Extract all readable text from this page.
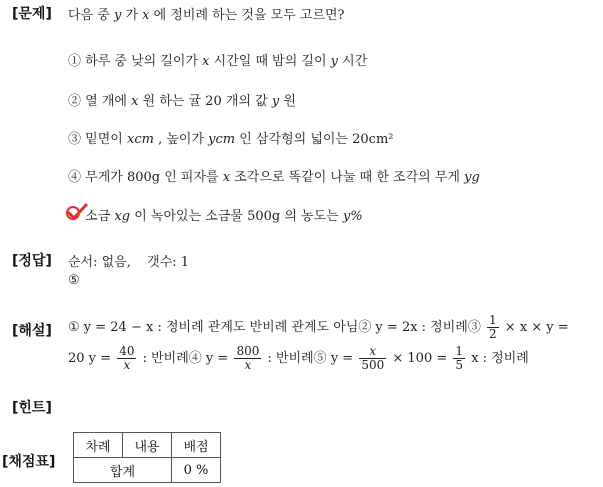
[문제] 다음 중 y 가 x 에 정비례 하는 것을 모두 고르면?
① 하루 중 낮의 길이가 x 시간일 때 밤의 길이 y 시간
② 열 개에 x 원 하는 귤 20 개의 값 y 원
③ 밑면이 xcm , 높이가 ycm 인 삼각형의 넓이는 20cm²
④ 무게가 800g 인 피자를 x 조각으로 똑같이 나눌 때 한 조각의 무게 yg
소금 xg 이 녹아있는 소금물 500g 의 농도는 y%
[정답] 순서: 없음, 갯수: 1
⑤
[해설] ① y = 24 − x : 정비례 관계도 반비례 관계도 아님② y = 2x : 정비례③ $\frac{1}{2} \times x \times y$ =
20 $y = \frac{40}{x}$ : 반비례④ $y = \frac{800}{x}$ : 반비례⑤ $y = \frac{x}{500} \times 100 = \frac{1}{5}$ x : 정비례
[힌트]
[채점표]
차례	내용	배점
합계		0 %
